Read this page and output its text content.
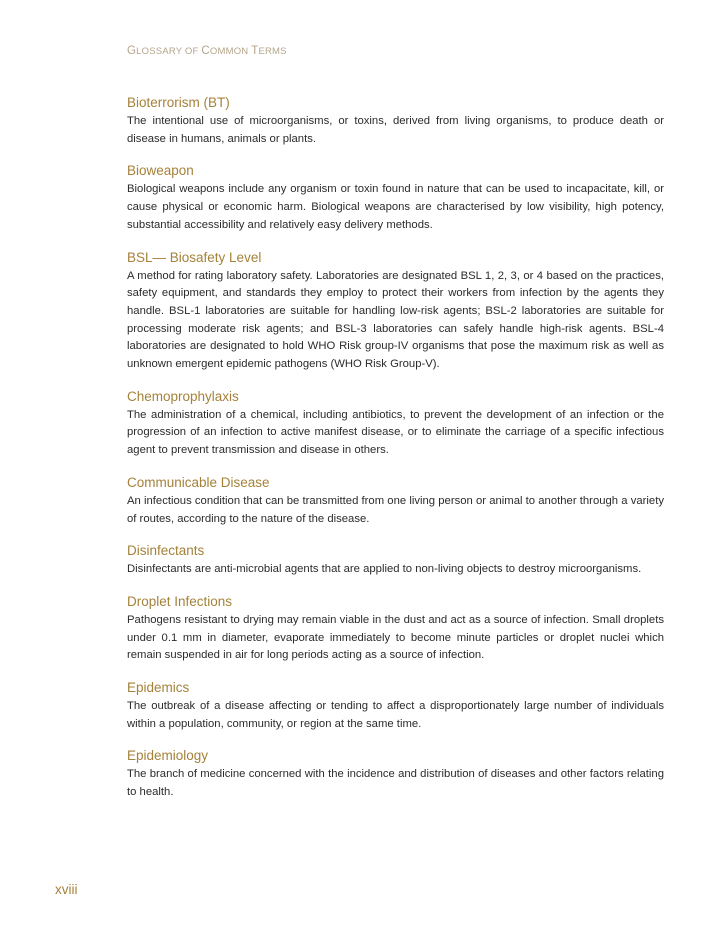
GLOSSARY OF COMMON TERMS
Bioterrorism (BT)

The intentional use of microorganisms, or toxins, derived from living organisms, to produce death or disease in humans, animals or plants.

Bioweapon

Biological weapons include any organism or toxin found in nature that can be used to incapacitate, kill, or cause physical or economic harm. Biological weapons are characterised by low visibility, high potency, substantial accessibility and relatively easy delivery methods.

BSL— Biosafety Level

A method for rating laboratory safety. Laboratories are designated BSL 1, 2, 3, or 4 based on the practices, safety equipment, and standards they employ to protect their workers from infection by the agents they handle. BSL-1 laboratories are suitable for handling low-risk agents; BSL-2 laboratories are suitable for processing moderate risk agents; and BSL-3 laboratories can safely handle high-risk agents. BSL-4 laboratories are designated to hold WHO Risk group-IV organisms that pose the maximum risk as well as unknown emergent epidemic pathogens (WHO Risk Group-V).

Chemoprophylaxis

The administration of a chemical, including antibiotics, to prevent the development of an infection or the progression of an infection to active manifest disease, or to eliminate the carriage of a specific infectious agent to prevent transmission and disease in others.

Communicable Disease

An infectious condition that can be transmitted from one living person or animal to another through a variety of routes, according to the nature of the disease.

Disinfectants

Disinfectants are anti-microbial agents that are applied to non-living objects to destroy microorganisms.

Droplet Infections

Pathogens resistant to drying may remain viable in the dust and act as a source of infection. Small droplets under 0.1 mm in diameter, evaporate immediately to become minute particles or droplet nuclei which remain suspended in air for long periods acting as a source of infection.

Epidemics

The outbreak of a disease affecting or tending to affect a disproportionately large number of individuals within a population, community, or region at the same time.

Epidemiology

The branch of medicine concerned with the incidence and distribution of diseases and other factors relating to health.

xviii
